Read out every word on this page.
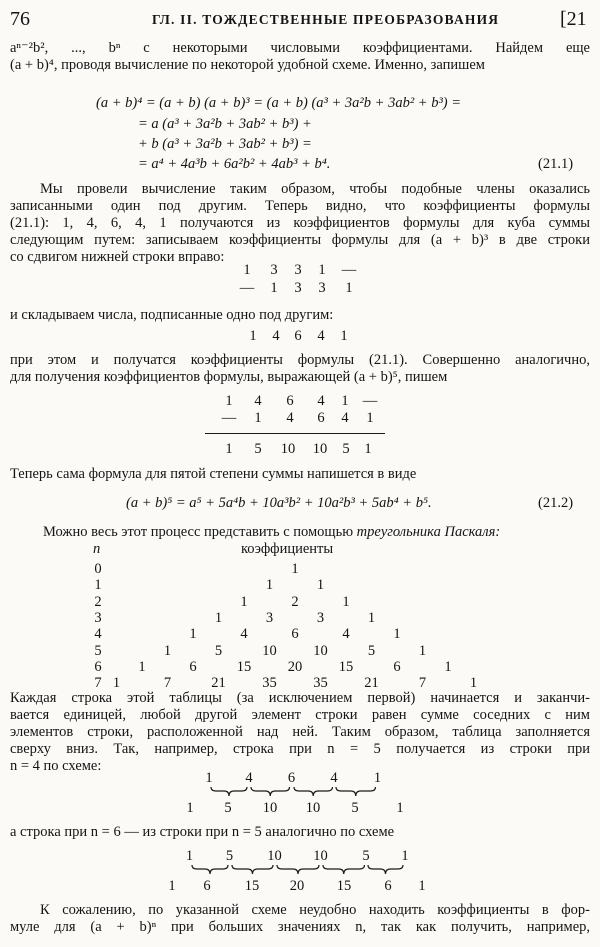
76	ГЛ. II. ТОЖДЕСТВЕННЫЕ ПРЕОБРАЗОВАНИЯ	[21
aⁿ⁻²b², ..., bⁿ с некоторыми числовыми коэффициентами. Найдем еще
(a + b)⁴, проводя вычисление по некоторой удобной схеме. Именно, запишем
(a + b)⁴ = (a + b) (a + b)³ = (a + b) (a³ + 3a²b + 3ab² + b³) =
= a (a³ + 3a²b + 3ab² + b³) +
+ b (a³ + 3a²b + 3ab² + b³) =
= a⁴ + 4a³b + 6a²b² + 4ab³ + b⁴.	(21.1)
Мы провели вычисление таким образом, чтобы подобные члены оказались
записанными один под другим. Теперь видно, что коэффициенты формулы
(21.1): 1, 4, 6, 4, 1 получаются из коэффициентов формулы для куба суммы
следующим путем: записываем коэффициенты формулы для (a + b)³ в две строки
со сдвигом нижней строки вправо:
1	3	3	1	—
—	1	3	3	1
и складываем числа, подписанные одно под другим:
1	4	6	4	1
при этом и получатся коэффициенты формулы (21.1). Совершенно аналогично,
для получения коэффициентов формулы, выражающей (a + b)⁵, пишем
1	4	6	4	1 —
—	1	4	6	4	1
1	5	10	10	5	1
Теперь сама формула для пятой степени суммы напишется в виде
(a + b)⁵ = a⁵ + 5a⁴b + 10a³b² + 10a²b³ + 5ab⁴ + b⁵.	(21.2)
Можно весь этот процесс представить с помощью треугольника Паскаля:
коэффициенты
n
0	1
1	1	1
2	1	2	1
3	1	3	3	1
4	1	4	6	4	1
5	1	5	10	10	5	1
6	1	6	15	20	15	6	1
7 1	7	21	35	35	21	7	1
Каждая строка этой таблицы (за исключением первой) начинается и заканчи-
вается единицей, любой другой элемент строки равен сумме соседних с ним
элементов строки, расположенной над ней. Таким образом, таблица заполняется
сверху вниз. Так, например, строка при n = 5 получается из строки при
n = 4 по схеме:
1	4	6	4	1
1	5	10	10	5	1
а строка при n = 6 — из строки при n = 5 аналогично по схеме
1	5	10	10	5	1
1	6	15	20	15	6	1
К сожалению, по указанной схеме неудобно находить коэффициенты в фор-
муле для (a + b)ⁿ при больших значениях n, так как получить, например,
